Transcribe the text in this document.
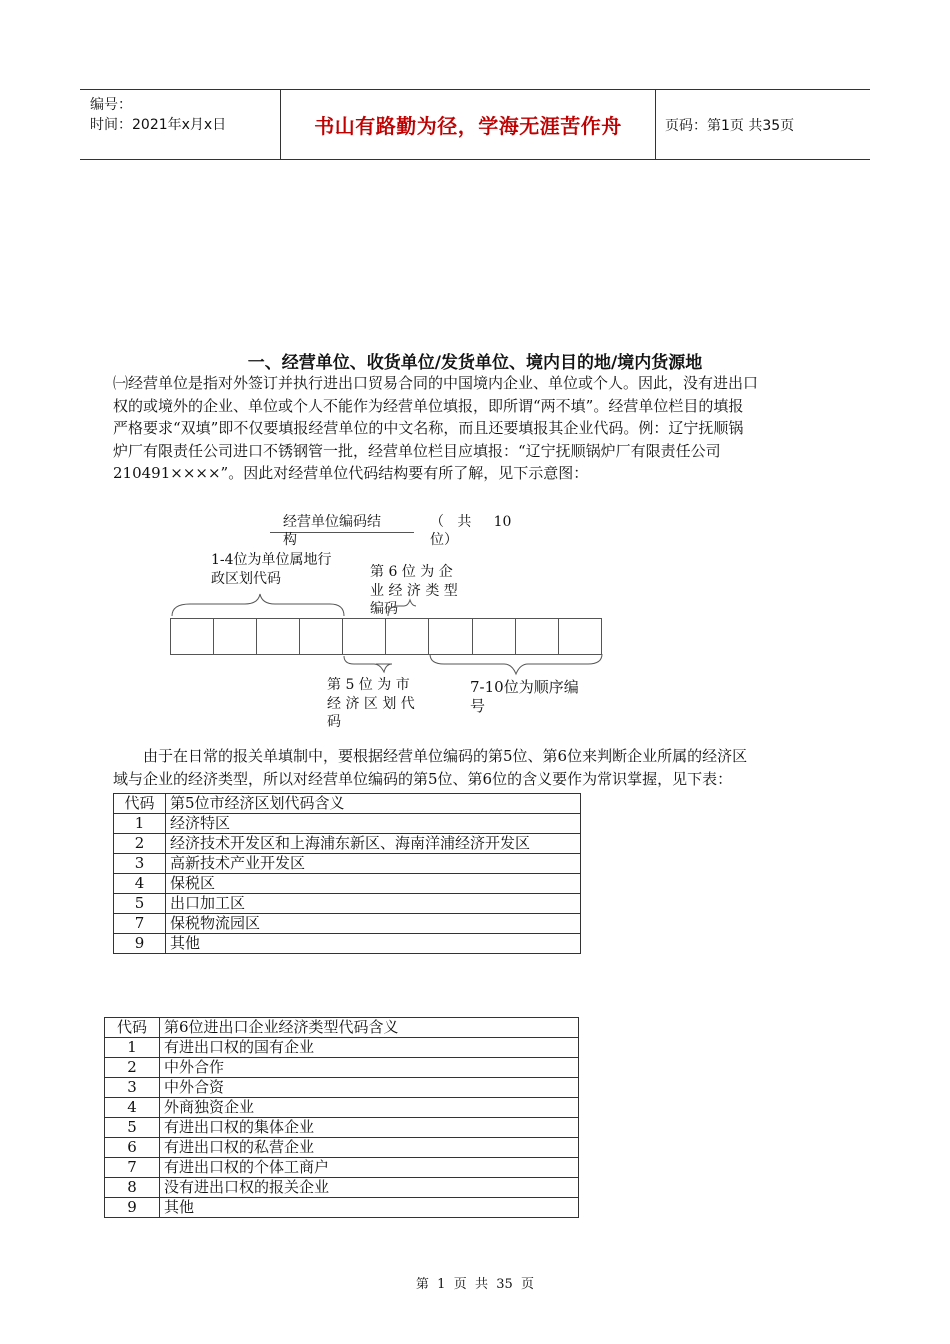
编号：
时间：2021年x月x日	书山有路勤为径，学海无涯苦作舟	页码：第1页 共35页
一、经营单位、收货单位/发货单位、境内目的地/境内货源地
㈠经营单位是指对外签订并执行进出口贸易合同的中国境内企业、单位或个人。因此，没有进出口
权的或境外的企业、单位或个人不能作为经营单位填报，即所谓“两不填”。经营单位栏目的填报
严格要求“双填”即不仅要填报经营单位的中文名称，而且还要填报其企业代码。例：辽宁抚顺锅
炉厂有限责任公司进口不锈钢管一批，经营单位栏目应填报：“辽宁抚顺锅炉厂有限责任公司
210491××××”。因此对经营单位代码结构要有所了解，见下示意图：
经营单位编码结
构
（   共     10
位）
1-4位为单位属地行
政区划代码	第 6 位 为 企
业 经 济 类 型
编码
第 5 位 为 市
经 济 区 划 代
码
7-10位为顺序编
号
由于在日常的报关单填制中，要根据经营单位编码的第5位、第6位来判断企业所属的经济区
域与企业的经济类型，所以对经营单位编码的第5位、第6位的含义要作为常识掌握，见下表：
代码	第5位市经济区划代码含义
1	经济特区
2	经济技术开发区和上海浦东新区、海南洋浦经济开发区
3	高新技术产业开发区
4	保税区
5	出口加工区
7	保税物流园区
9	其他
代码	第6位进出口企业经济类型代码含义
1	有进出口权的国有企业
2	中外合作
3	中外合资
4	外商独资企业
5	有进出口权的集体企业
6	有进出口权的私营企业
7	有进出口权的个体工商户
8	没有进出口权的报关企业
9	其他
第  1  页  共  35  页
